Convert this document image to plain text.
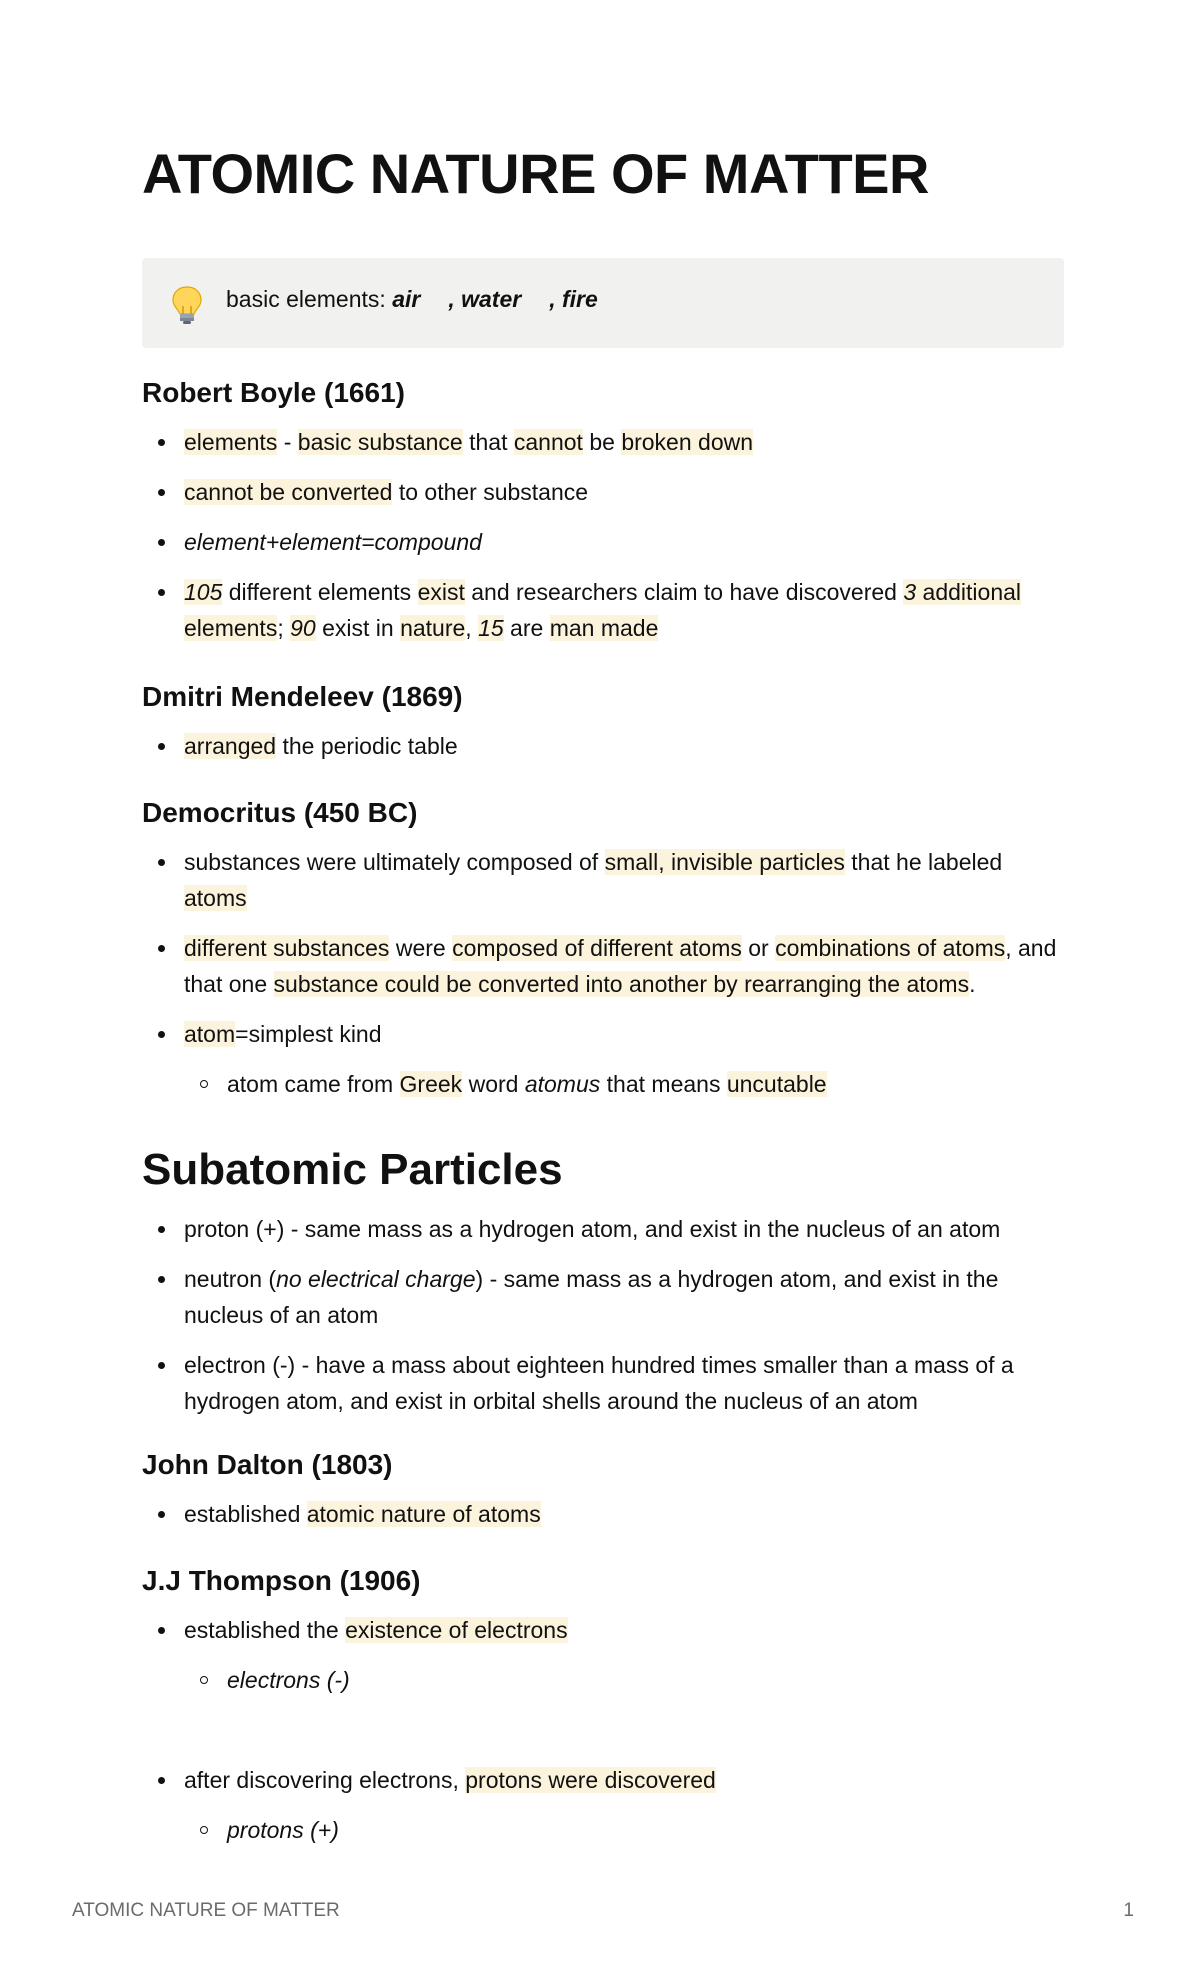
ATOMIC NATURE OF MATTER
basic elements: air , water , fire
Robert Boyle (1661)
elements - basic substance that cannot be broken down
cannot be converted to other substance
element+element=compound
105 different elements exist and researchers claim to have discovered 3 additional
elements; 90 exist in nature, 15 are man made
Dmitri Mendeleev (1869)
arranged the periodic table
Democritus (450 BC)
substances were ultimately composed of small, invisible particles that he labeled
atoms
different substances were composed of different atoms or combinations of atoms, and that one substance could be converted into another by rearranging the atoms.
atom=simplest kind
atom came from Greek word atomus that means uncutable
Subatomic Particles
proton (+) - same mass as a hydrogen atom, and exist in the nucleus of an atom
neutron (no electrical charge) - same mass as a hydrogen atom, and exist in the nucleus of an atom
electron (-) - have a mass about eighteen hundred times smaller than a mass of a hydrogen atom, and exist in orbital shells around the nucleus of an atom
John Dalton (1803)
established atomic nature of atoms
J.J Thompson (1906)
established the existence of electrons
electrons (-)
after discovering electrons, protons were discovered
protons (+)
ATOMIC NATURE OF MATTER	1
